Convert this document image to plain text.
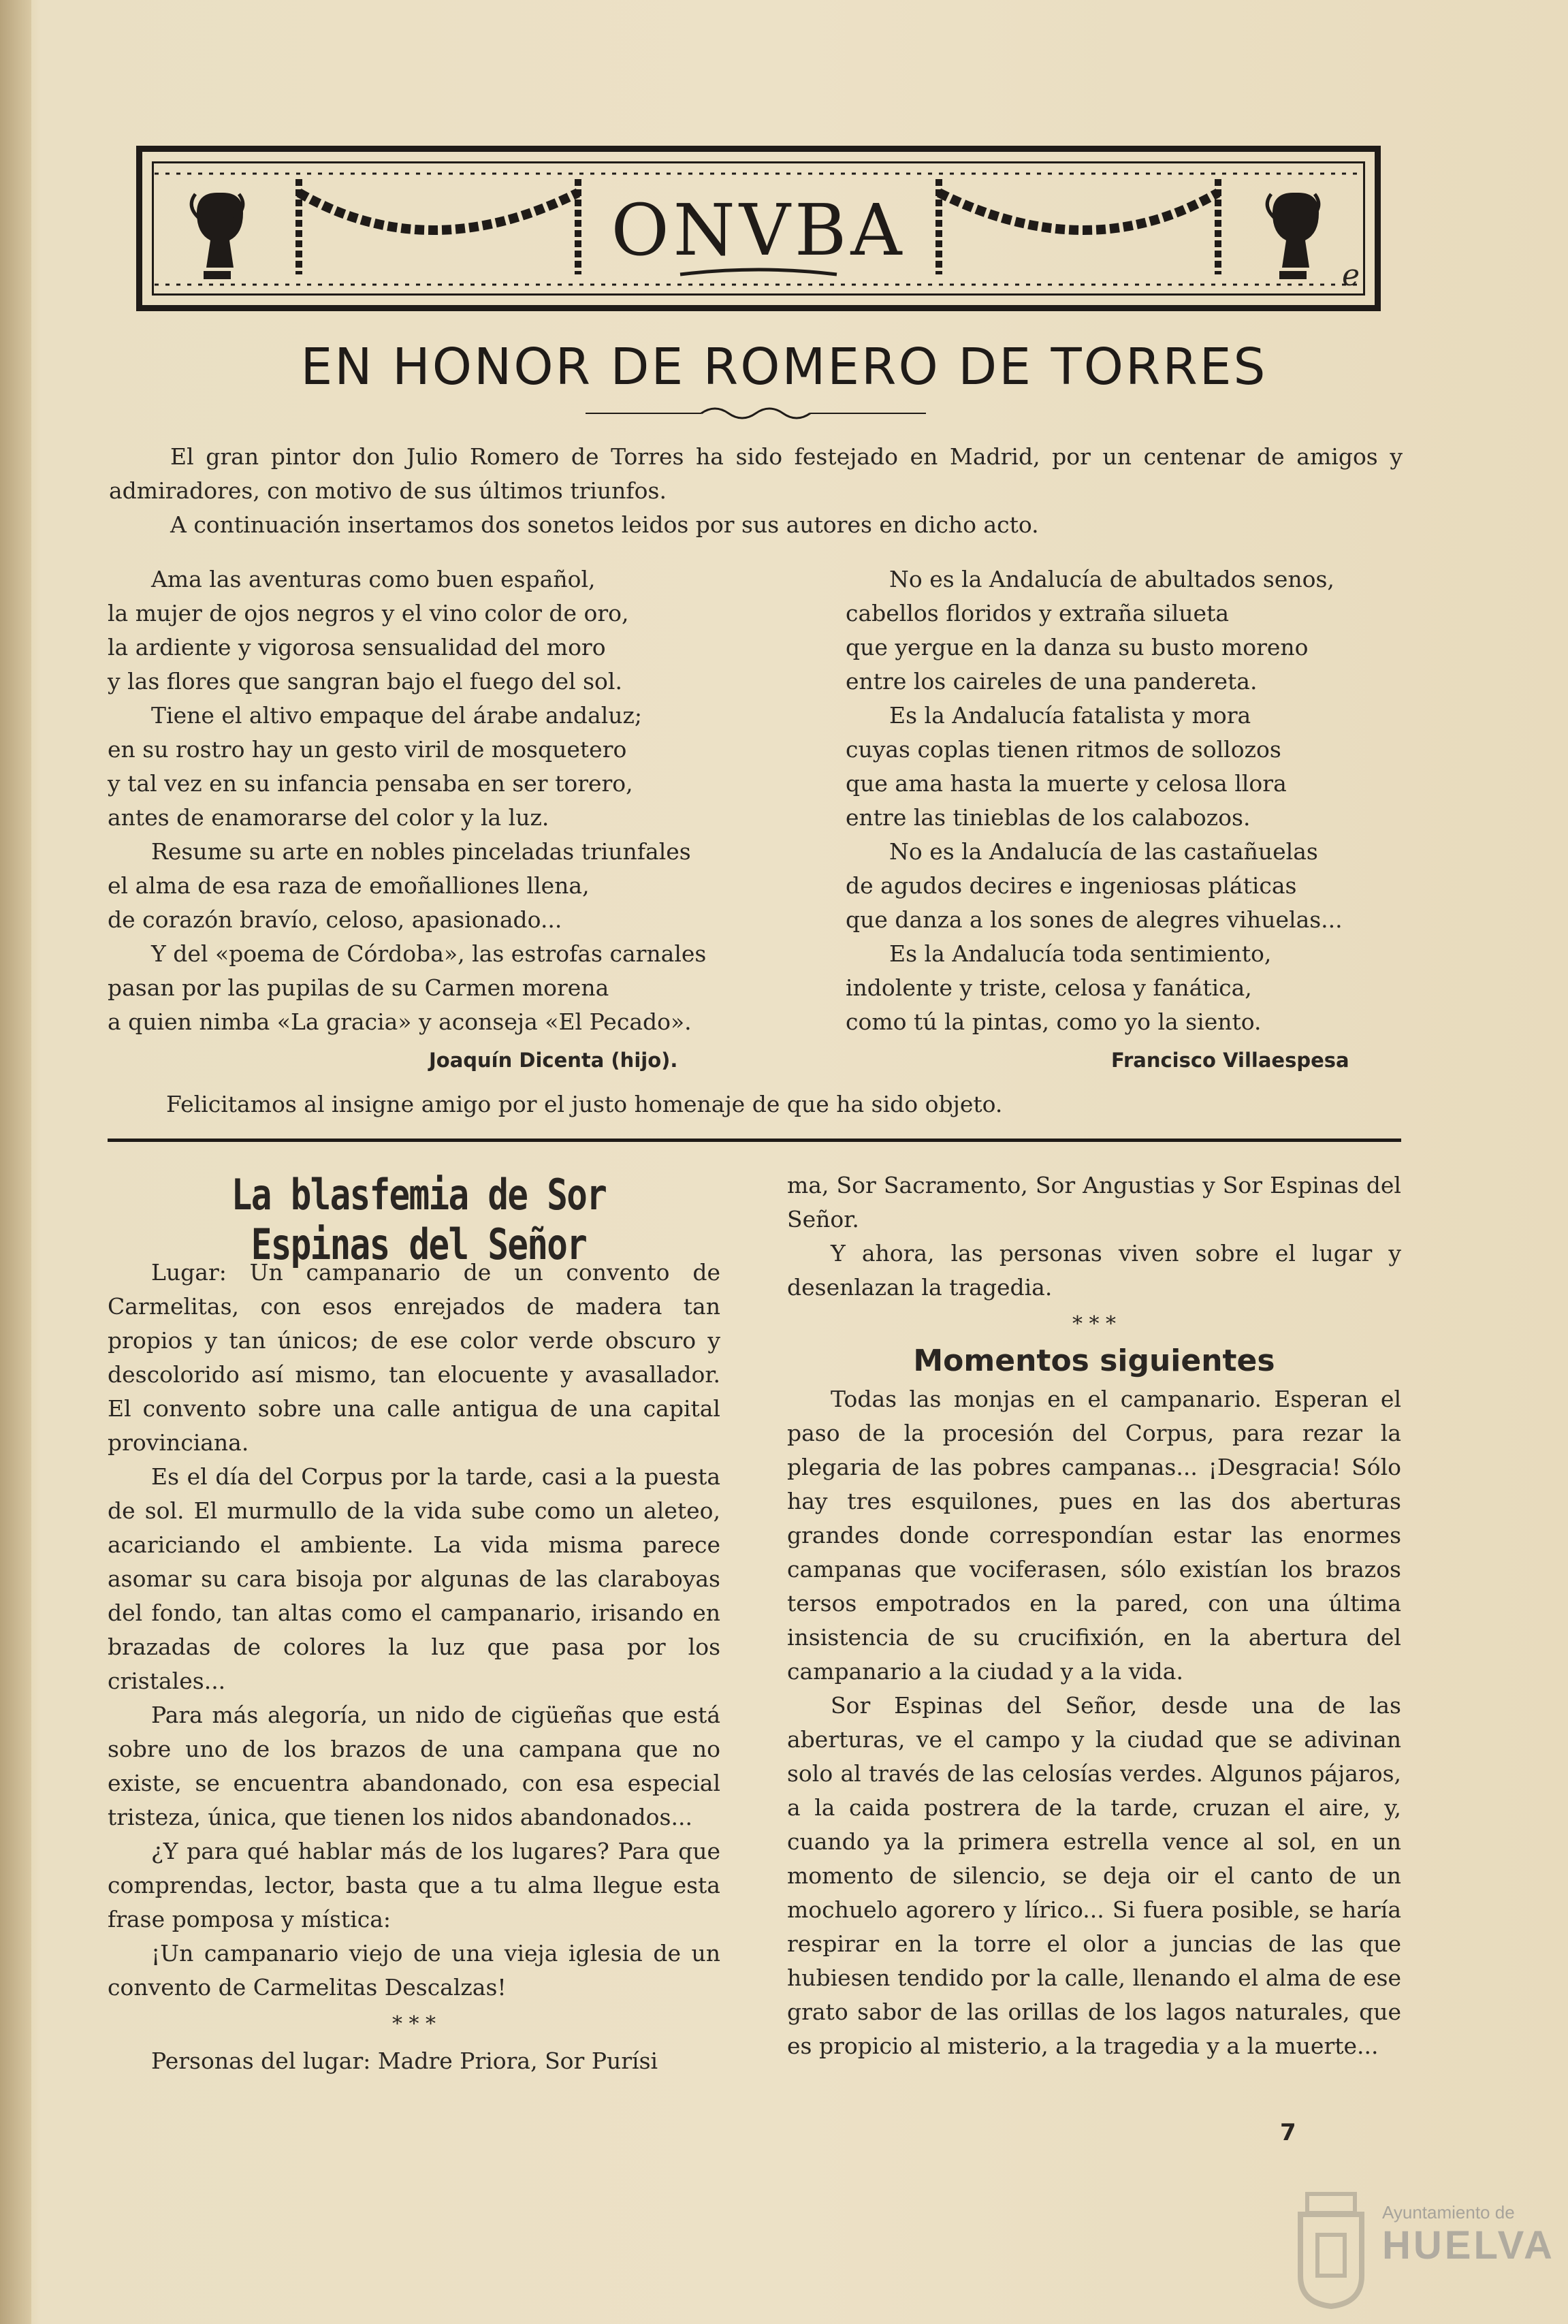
ONVBA
e
EN HONOR DE ROMERO DE TORRES

El gran pintor don Julio Romero de Torres ha sido festejado en Madrid, por un centenar de amigos y admiradores, con motivo de sus últimos triunfos.

A continuación insertamos dos sonetos leidos por sus autores en dicho acto.

Ama las aventuras como buen español,
la mujer de ojos negros y el vino color de oro,
la ardiente y vigorosa sensualidad del moro
y las flores que sangran bajo el fuego del sol.
Tiene el altivo empaque del árabe andaluz;
en su rostro hay un gesto viril de mosquetero
y tal vez en su infancia pensaba en ser torero,
antes de enamorarse del color y la luz.
Resume su arte en nobles pinceladas triunfales
el alma de esa raza de emoñalliones llena,
de corazón bravío, celoso, apasionado...
Y del «poema de Córdoba», las estrofas carnales
pasan por las pupilas de su Carmen morena
a quien nimba «La gracia» y aconseja «El Pecado».
Joaquín Dicenta (hijo).
No es la Andalucía de abultados senos,
cabellos floridos y extraña silueta
que yergue en la danza su busto moreno
entre los caireles de una pandereta.
Es la Andalucía fatalista y mora
cuyas coplas tienen ritmos de sollozos
que ama hasta la muerte y celosa llora
entre las tinieblas de los calabozos.
No es la Andalucía de las castañuelas
de agudos decires e ingeniosas pláticas
que danza a los sones de alegres vihuelas...
Es la Andalucía toda sentimiento,
indolente y triste, celosa y fanática,
como tú la pintas, como yo la siento.
Francisco Villaespesa
Felicitamos al insigne amigo por el justo homenaje de que ha sido objeto.
La blasfemia de Sor Espinas del Señor

Lugar: Un campanario de un convento de Carmelitas, con esos enrejados de madera tan propios y tan únicos; de ese color verde obscuro y descolorido así mismo, tan elocuente y avasallador. El convento sobre una calle antigua de una capital provinciana.

Es el día del Corpus por la tarde, casi a la puesta de sol. El murmullo de la vida sube como un aleteo, acariciando el ambiente. La vida misma parece asomar su cara bisoja por algunas de las claraboyas del fondo, tan altas como el campanario, irisando en brazadas de colores la luz que pasa por los cristales...

Para más alegoría, un nido de cigüeñas que está sobre uno de los brazos de una campana que no existe, se encuentra abandonado, con esa especial tristeza, única, que tienen los nidos abandonados...

¿Y para qué hablar más de los lugares? Para que comprendas, lector, basta que a tu alma llegue esta frase pomposa y mística:

¡Un campanario viejo de una vieja iglesia de un convento de Carmelitas Descalzas!

* * *

Personas del lugar: Madre Priora, Sor Purísi

ma, Sor Sacramento, Sor Angustias y Sor Espinas del Señor.

Y ahora, las personas viven sobre el lugar y desenlazan la tragedia.

* * *

Momentos siguientes

Todas las monjas en el campanario. Esperan el paso de la procesión del Corpus, para rezar la plegaria de las pobres campanas... ¡Desgracia! Sólo hay tres esquilones, pues en las dos aberturas grandes donde correspondían estar las enormes campanas que vociferasen, sólo existían los brazos tersos empotrados en la pared, con una última insistencia de su crucifixión, en la abertura del campanario a la ciudad y a la vida.

Sor Espinas del Señor, desde una de las aberturas, ve el campo y la ciudad que se adivinan solo al través de las celosías verdes. Algunos pájaros, a la caida postrera de la tarde, cruzan el aire, y, cuando ya la primera estrella vence al sol, en un momento de silencio, se deja oir el canto de un mochuelo agorero y lírico... Si fuera posible, se haría respirar en la torre el olor a juncias de las que hubiesen tendido por la calle, llenando el alma de ese grato sabor de las orillas de los lagos naturales, que es propicio al misterio, a la tragedia y a la muerte...

7
Ayuntamiento de
HUELVA
